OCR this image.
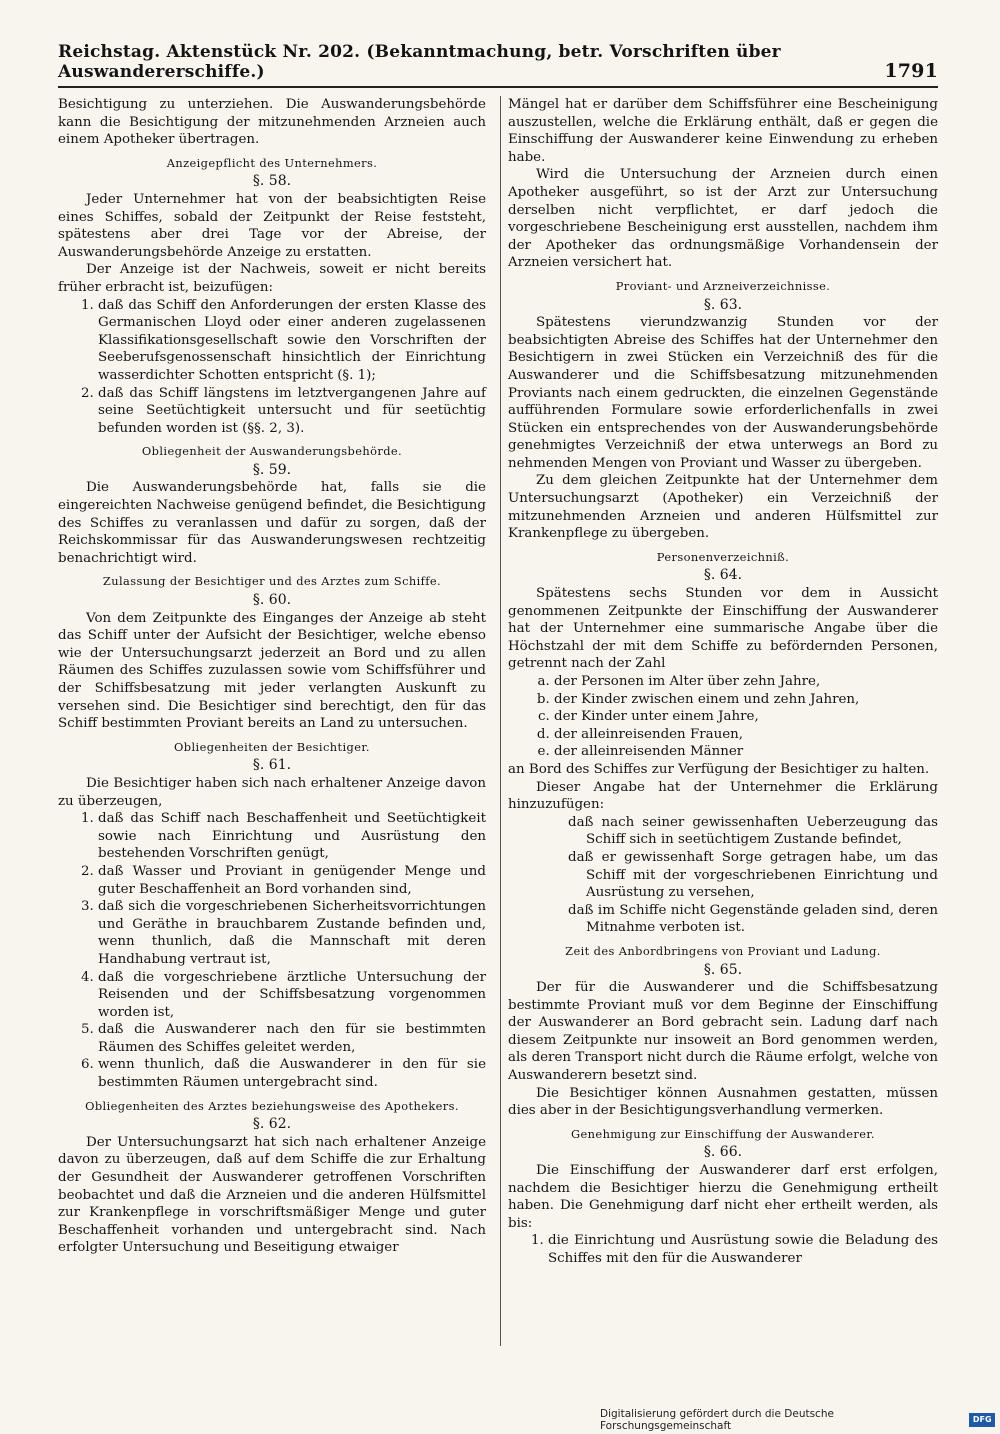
Reichstag. Aktenstück Nr. 202. (Bekanntmachung, betr. Vorschriften über Auswandererschiffe.)	1791

Besichtigung zu unterziehen. Die Auswanderungsbehörde kann die Besichtigung der mitzunehmenden Arzneien auch einem Apotheker übertragen.

Anzeigepflicht des Unternehmers.

§. 58.

Jeder Unternehmer hat von der beabsichtigten Reise eines Schiffes, sobald der Zeitpunkt der Reise feststeht, spätestens aber drei Tage vor der Abreise, der Auswanderungsbehörde Anzeige zu erstatten.

Der Anzeige ist der Nachweis, soweit er nicht bereits früher erbracht ist, beizufügen:

1. daß das Schiff den Anforderungen der ersten Klasse des Germanischen Lloyd oder einer anderen zugelassenen Klassifikationsgesellschaft sowie den Vorschriften der Seeberufsgenossenschaft hinsichtlich der Einrichtung wasserdichter Schotten entspricht (§. 1);
2. daß das Schiff längstens im letztvergangenen Jahre auf seine Seetüchtigkeit untersucht und für seetüchtig befunden worden ist (§§. 2, 3).

Obliegenheit der Auswanderungsbehörde.

§. 59.

Die Auswanderungsbehörde hat, falls sie die eingereichten Nachweise genügend befindet, die Besichtigung des Schiffes zu veranlassen und dafür zu sorgen, daß der Reichskommissar für das Auswanderungswesen rechtzeitig benachrichtigt wird.

Zulassung der Besichtiger und des Arztes zum Schiffe.

§. 60.

Von dem Zeitpunkte des Einganges der Anzeige ab steht das Schiff unter der Aufsicht der Besichtiger, welche ebenso wie der Untersuchungsarzt jederzeit an Bord und zu allen Räumen des Schiffes zuzulassen sowie vom Schiffsführer und der Schiffsbesatzung mit jeder verlangten Auskunft zu versehen sind. Die Besichtiger sind berechtigt, den für das Schiff bestimmten Proviant bereits an Land zu untersuchen.

Obliegenheiten der Besichtiger.

§. 61.

Die Besichtiger haben sich nach erhaltener Anzeige davon zu überzeugen,

1. daß das Schiff nach Beschaffenheit und Seetüchtigkeit sowie nach Einrichtung und Ausrüstung den bestehenden Vorschriften genügt,
2. daß Wasser und Proviant in genügender Menge und guter Beschaffenheit an Bord vorhanden sind,
3. daß sich die vorgeschriebenen Sicherheitsvorrichtungen und Geräthe in brauchbarem Zustande befinden und, wenn thunlich, daß die Mannschaft mit deren Handhabung vertraut ist,
4. daß die vorgeschriebene ärztliche Untersuchung der Reisenden und der Schiffsbesatzung vorgenommen worden ist,
5. daß die Auswanderer nach den für sie bestimmten Räumen des Schiffes geleitet werden,
6. wenn thunlich, daß die Auswanderer in den für sie bestimmten Räumen untergebracht sind.

Obliegenheiten des Arztes beziehungsweise des Apothekers.

§. 62.

Der Untersuchungsarzt hat sich nach erhaltener Anzeige davon zu überzeugen, daß auf dem Schiffe die zur Erhaltung der Gesundheit der Auswanderer getroffenen Vorschriften beobachtet und daß die Arzneien und die anderen Hülfsmittel zur Krankenpflege in vorschriftsmäßiger Menge und guter Beschaffenheit vorhanden und untergebracht sind. Nach erfolgter Untersuchung und Beseitigung etwaiger

Mängel hat er darüber dem Schiffsführer eine Bescheinigung auszustellen, welche die Erklärung enthält, daß er gegen die Einschiffung der Auswanderer keine Einwendung zu erheben habe.

Wird die Untersuchung der Arzneien durch einen Apotheker ausgeführt, so ist der Arzt zur Untersuchung derselben nicht verpflichtet, er darf jedoch die vorgeschriebene Bescheinigung erst ausstellen, nachdem ihm der Apotheker das ordnungsmäßige Vorhandensein der Arzneien versichert hat.

Proviant- und Arzneiverzeichnisse.

§. 63.

Spätestens vierundzwanzig Stunden vor der beabsichtigten Abreise des Schiffes hat der Unternehmer den Besichtigern in zwei Stücken ein Verzeichniß des für die Auswanderer und die Schiffsbesatzung mitzunehmenden Proviants nach einem gedruckten, die einzelnen Gegenstände aufführenden Formulare sowie erforderlichenfalls in zwei Stücken ein entsprechendes von der Auswanderungsbehörde genehmigtes Verzeichniß der etwa unterwegs an Bord zu nehmenden Mengen von Proviant und Wasser zu übergeben.

Zu dem gleichen Zeitpunkte hat der Unternehmer dem Untersuchungsarzt (Apotheker) ein Verzeichniß der mitzunehmenden Arzneien und anderen Hülfsmittel zur Krankenpflege zu übergeben.

Personenverzeichniß.

§. 64.

Spätestens sechs Stunden vor dem in Aussicht genommenen Zeitpunkte der Einschiffung der Auswanderer hat der Unternehmer eine summarische Angabe über die Höchstzahl der mit dem Schiffe zu befördernden Personen, getrennt nach der Zahl

a. der Personen im Alter über zehn Jahre,
b. der Kinder zwischen einem und zehn Jahren,
c. der Kinder unter einem Jahre,
d. der alleinreisenden Frauen,
e. der alleinreisenden Männer

an Bord des Schiffes zur Verfügung der Besichtiger zu halten.

Dieser Angabe hat der Unternehmer die Erklärung hinzuzufügen:

daß nach seiner gewissenhaften Ueberzeugung das Schiff sich in seetüchtigem Zustande befindet,

daß er gewissenhaft Sorge getragen habe, um das Schiff mit der vorgeschriebenen Einrichtung und Ausrüstung zu versehen,

daß im Schiffe nicht Gegenstände geladen sind, deren Mitnahme verboten ist.

Zeit des Anbordbringens von Proviant und Ladung.

§. 65.

Der für die Auswanderer und die Schiffsbesatzung bestimmte Proviant muß vor dem Beginne der Einschiffung der Auswanderer an Bord gebracht sein. Ladung darf nach diesem Zeitpunkte nur insoweit an Bord genommen werden, als deren Transport nicht durch die Räume erfolgt, welche von Auswanderern besetzt sind.

Die Besichtiger können Ausnahmen gestatten, müssen dies aber in der Besichtigungsverhandlung vermerken.

Genehmigung zur Einschiffung der Auswanderer.

§. 66.

Die Einschiffung der Auswanderer darf erst erfolgen, nachdem die Besichtiger hierzu die Genehmigung ertheilt haben. Die Genehmigung darf nicht eher ertheilt werden, als bis:

1. die Einrichtung und Ausrüstung sowie die Beladung des Schiffes mit den für die Auswanderer
Digitalisierung gefördert durch die Deutsche Forschungsgemeinschaft
DFG
